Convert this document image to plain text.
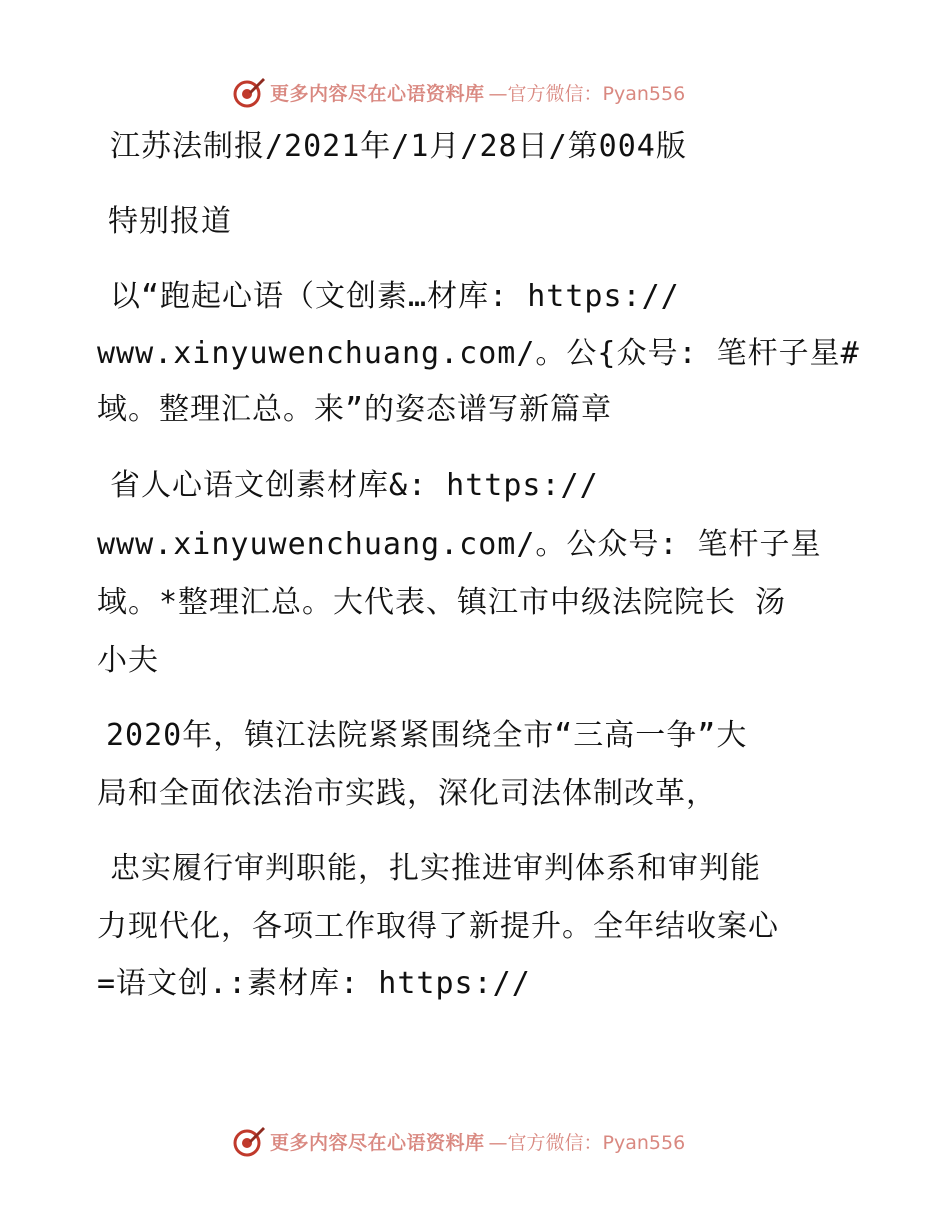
更多内容尽在心语资料库 —官方微信：Pyan556
江苏法制报/2021年/1月/28日/第004版
特别报道
以“跑起心语（文创素…材库: https://
www.xinyuwenchuang.com/。公{众号: 笔杆子星#
域。整理汇总。来”的姿态谱写新篇章
省人心语文创素材库&: https://
www.xinyuwenchuang.com/。公众号: 笔杆子星
域。*整理汇总。大代表、镇江市中级法院院长 汤
小夫
2020年，镇江法院紧紧围绕全市“三高一争”大
局和全面依法治市实践，深化司法体制改革，
忠实履行审判职能，扎实推进审判体系和审判能
力现代化，各项工作取得了新提升。全年结收案心
=语文创.:素材库: https://
更多内容尽在心语资料库 —官方微信：Pyan556
